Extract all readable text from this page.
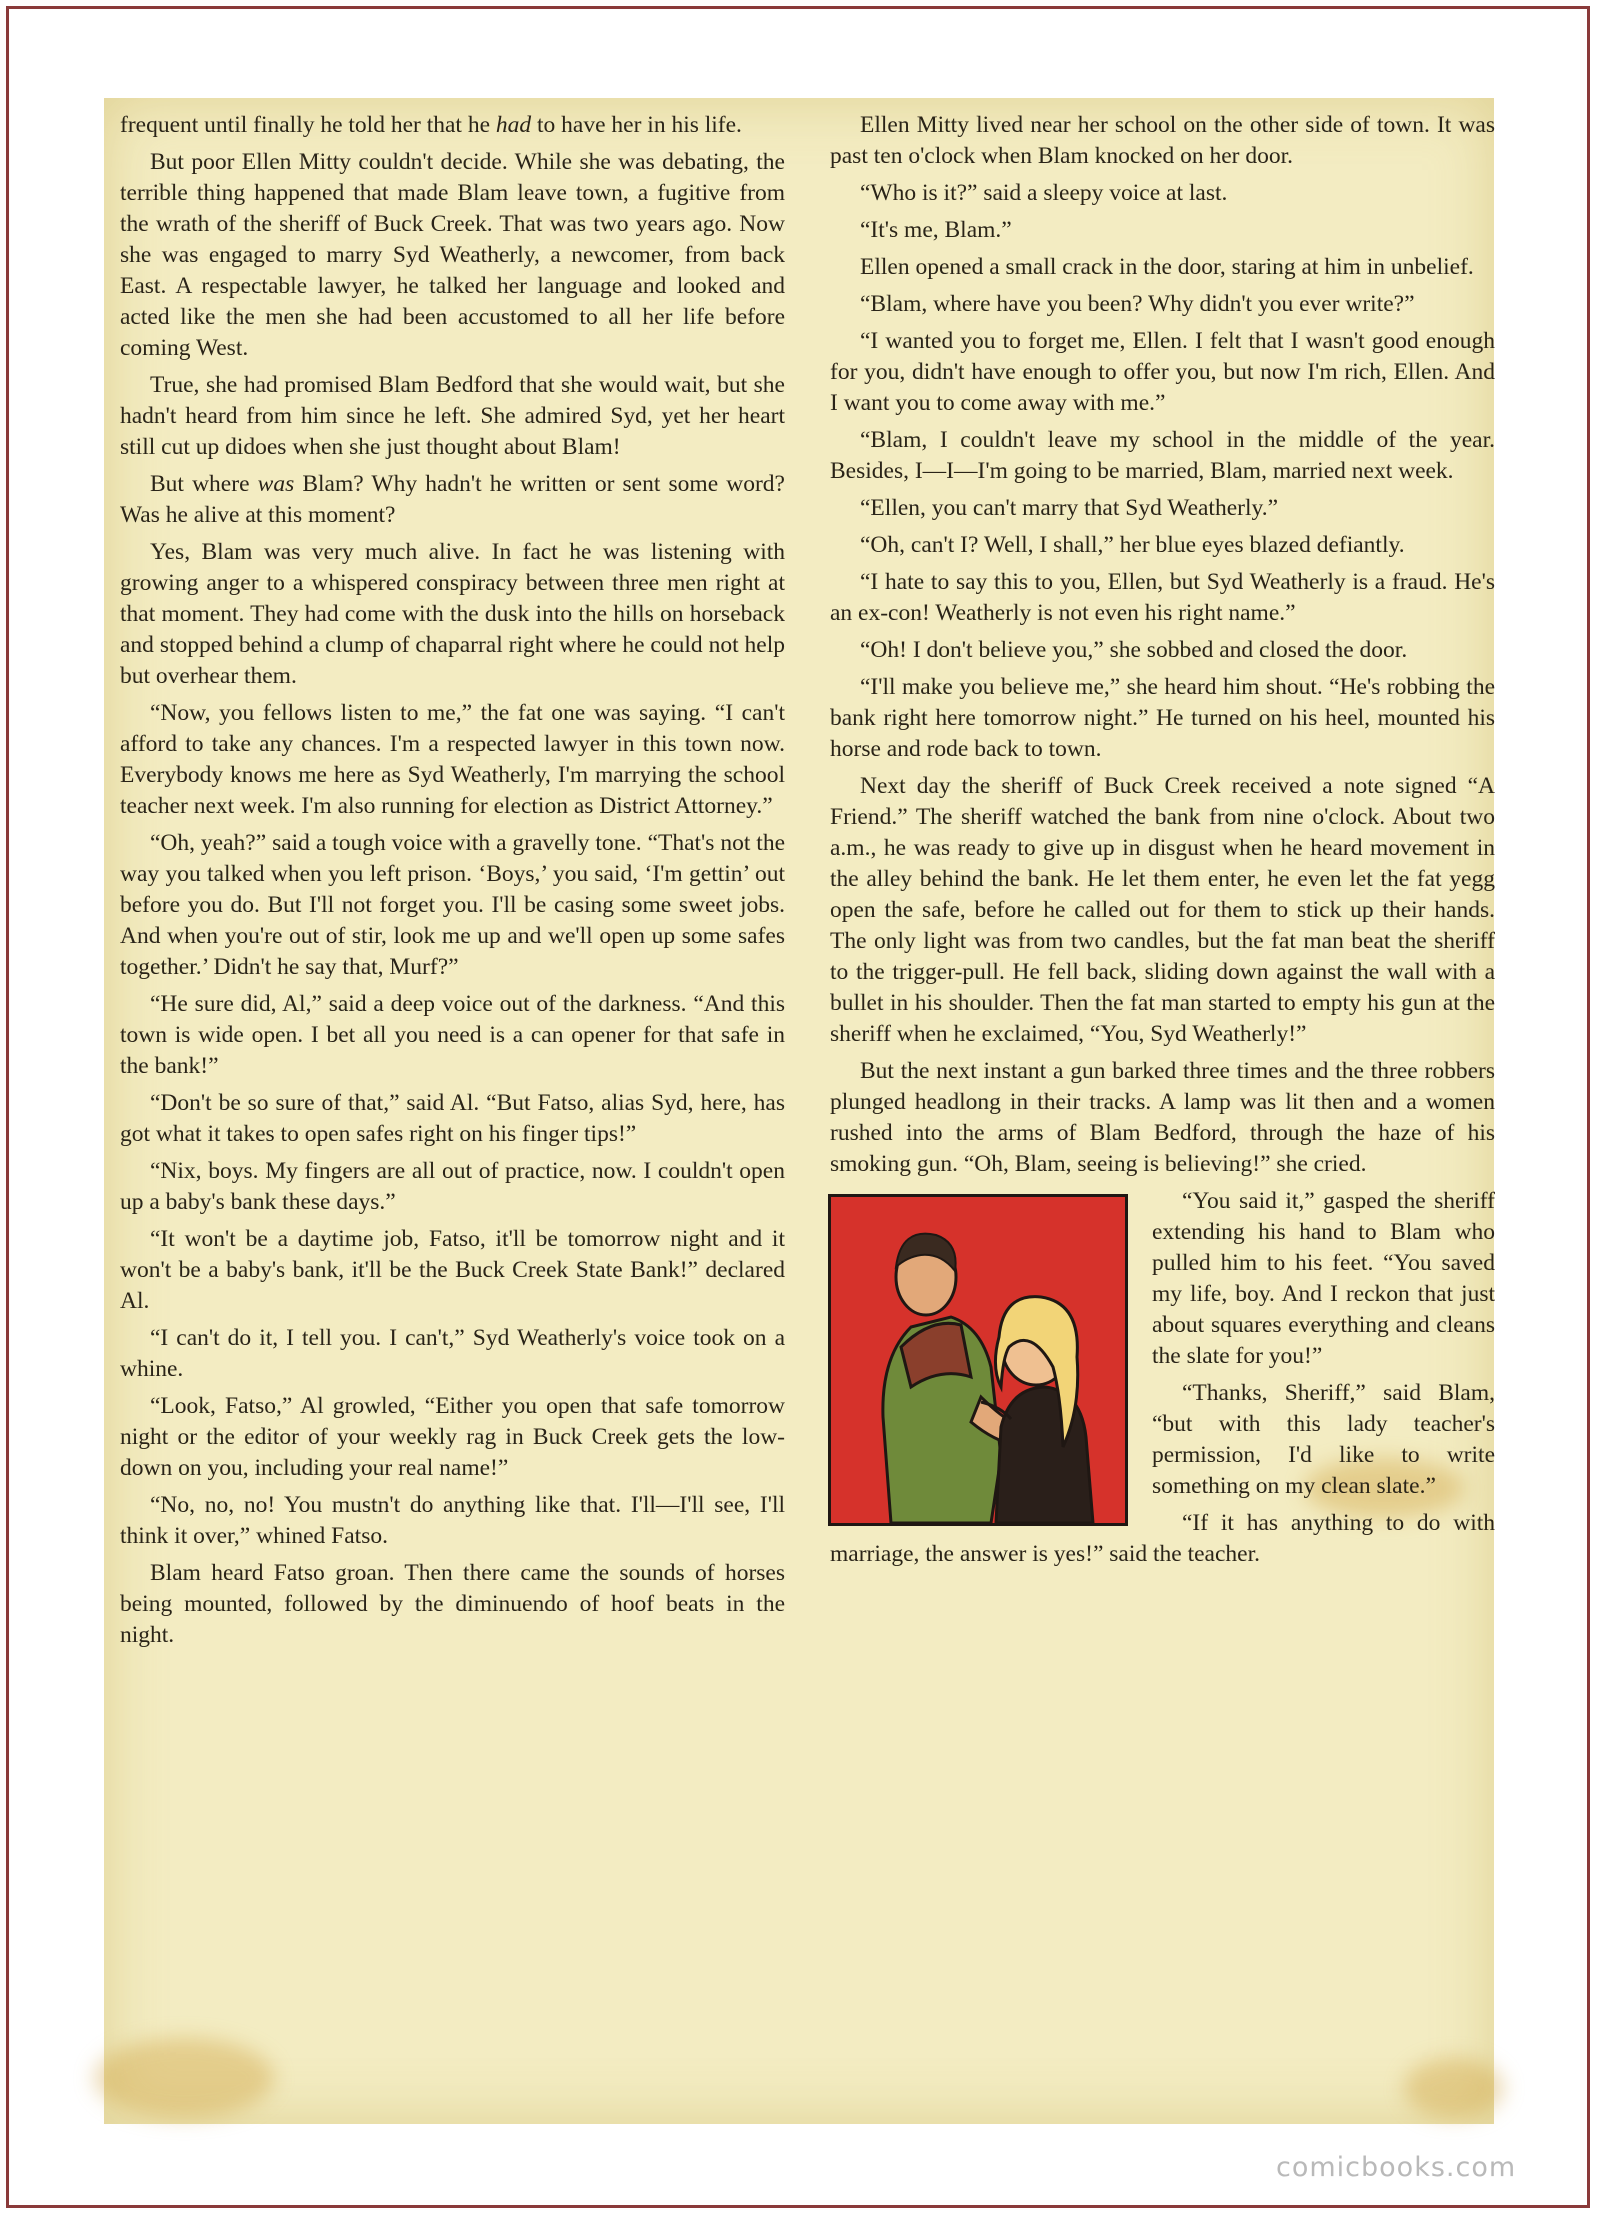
frequent until finally he told her that he had to have her in his life.

But poor Ellen Mitty couldn't decide. While she was debating, the terrible thing happened that made Blam leave town, a fugitive from the wrath of the sheriff of Buck Creek. That was two years ago. Now she was engaged to marry Syd Weatherly, a newcomer, from back East. A respectable lawyer, he talked her language and looked and acted like the men she had been accustomed to all her life before coming West.

True, she had promised Blam Bedford that she would wait, but she hadn't heard from him since he left. She admired Syd, yet her heart still cut up didoes when she just thought about Blam!

But where was Blam? Why hadn't he written or sent some word? Was he alive at this moment?

Yes, Blam was very much alive. In fact he was listening with growing anger to a whispered conspiracy between three men right at that moment. They had come with the dusk into the hills on horseback and stopped behind a clump of chaparral right where he could not help but overhear them.

“Now, you fellows listen to me,” the fat one was saying. “I can't afford to take any chances. I'm a respected lawyer in this town now. Everybody knows me here as Syd Weatherly, I'm marrying the school teacher next week. I'm also running for election as District Attorney.”

“Oh, yeah?” said a tough voice with a gravelly tone. “That's not the way you talked when you left prison. ‘Boys,’ you said, ‘I'm gettin’ out before you do. But I'll not forget you. I'll be casing some sweet jobs. And when you're out of stir, look me up and we'll open up some safes together.’ Didn't he say that, Murf?”

“He sure did, Al,” said a deep voice out of the darkness. “And this town is wide open. I bet all you need is a can opener for that safe in the bank!”

“Don't be so sure of that,” said Al. “But Fatso, alias Syd, here, has got what it takes to open safes right on his finger tips!”

“Nix, boys. My fingers are all out of practice, now. I couldn't open up a baby's bank these days.”

“It won't be a daytime job, Fatso, it'll be tomorrow night and it won't be a baby's bank, it'll be the Buck Creek State Bank!” declared Al.

“I can't do it, I tell you. I can't,” Syd Weatherly's voice took on a whine.

“Look, Fatso,” Al growled, “Either you open that safe tomorrow night or the editor of your weekly rag in Buck Creek gets the low-down on you, including your real name!”

“No, no, no! You mustn't do anything like that. I'll—I'll see, I'll think it over,” whined Fatso.

Blam heard Fatso groan. Then there came the sounds of horses being mounted, followed by the diminuendo of hoof beats in the night.

Ellen Mitty lived near her school on the other side of town. It was past ten o'clock when Blam knocked on her door.

“Who is it?” said a sleepy voice at last.

“It's me, Blam.”

Ellen opened a small crack in the door, staring at him in unbelief.

“Blam, where have you been? Why didn't you ever write?”

“I wanted you to forget me, Ellen. I felt that I wasn't good enough for you, didn't have enough to offer you, but now I'm rich, Ellen. And I want you to come away with me.”

“Blam, I couldn't leave my school in the middle of the year. Besides, I—I—I'm going to be married, Blam, married next week.

“Ellen, you can't marry that Syd Weatherly.”

“Oh, can't I? Well, I shall,” her blue eyes blazed defiantly.

“I hate to say this to you, Ellen, but Syd Weatherly is a fraud. He's an ex-con! Weatherly is not even his right name.”

“Oh! I don't believe you,” she sobbed and closed the door.

“I'll make you believe me,” she heard him shout. “He's robbing the bank right here tomorrow night.” He turned on his heel, mounted his horse and rode back to town.

Next day the sheriff of Buck Creek received a note signed “A Friend.” The sheriff watched the bank from nine o'clock. About two a.m., he was ready to give up in disgust when he heard movement in the alley behind the bank. He let them enter, he even let the fat yegg open the safe, before he called out for them to stick up their hands. The only light was from two candles, but the fat man beat the sheriff to the trigger-pull. He fell back, sliding down against the wall with a bullet in his shoulder. Then the fat man started to empty his gun at the sheriff when he exclaimed, “You, Syd Weatherly!”

But the next instant a gun barked three times and the three robbers plunged headlong in their tracks. A lamp was lit then and a women rushed into the arms of Blam Bedford, through the haze of his smoking gun. “Oh, Blam, seeing is believing!” she cried.

“You said it,” gasped the sheriff extending his hand to Blam who pulled him to his feet. “You saved my life, boy. And I reckon that just about squares everything and cleans the slate for you!”

“Thanks, Sheriff,” said Blam, “but with this lady teacher's permission, I'd like to write something on my clean slate.”

“If it has anything to do with marriage, the answer is yes!” said the teacher.

comicbooks.com
